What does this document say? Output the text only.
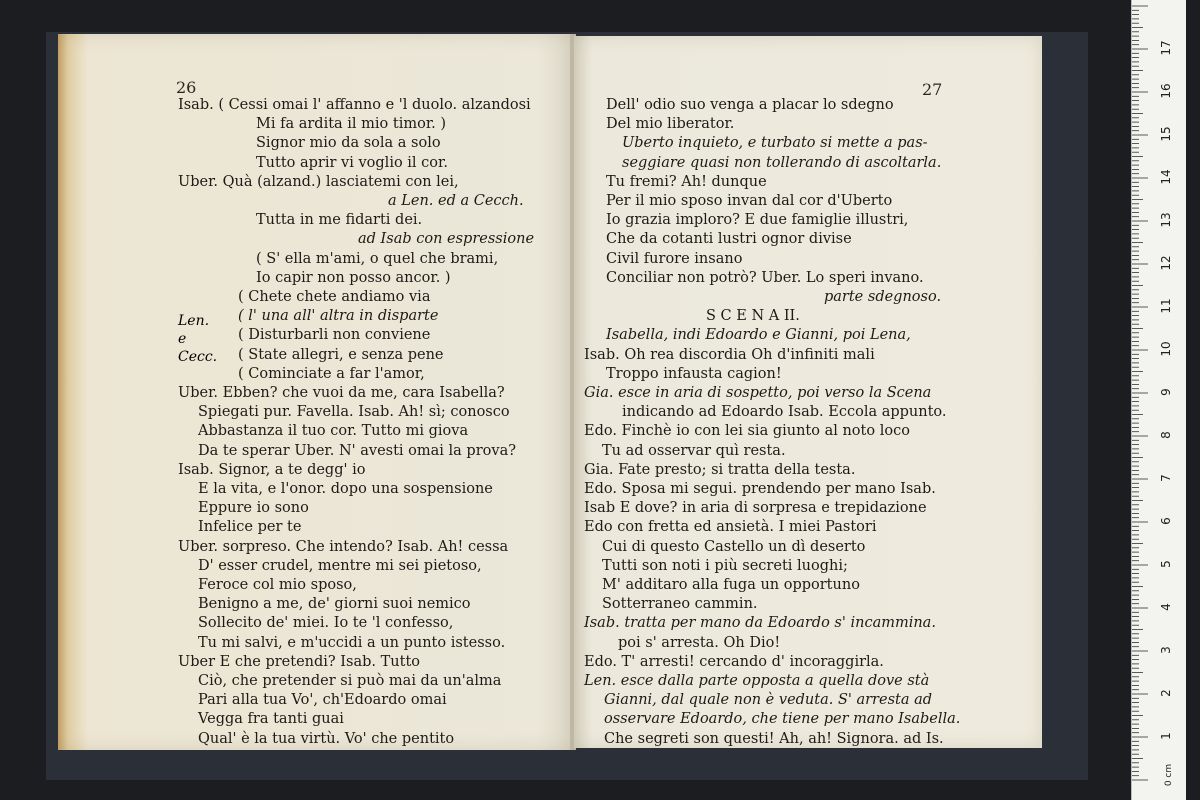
26
Isab. ( Cessi omai l' affanno e 'l duolo. alzandosi
Mi fa ardita il mio timor. )
Signor mio da sola a solo
Tutto aprir vi voglio il cor.
Uber. Quà (alzand.) lasciatemi con lei,
a Len. ed a Cecch.
Tutta in me fidarti dei.
ad Isab con espressione
( S' ella m'ami, o quel che brami,
Io capir non posso ancor. )
( Chete chete andiamo via
( l' una all' altra in disparte
( Disturbarli non conviene
( State allegri, e senza pene
( Cominciate a far l'amor,
Uber. Ebben? che vuoi da me, cara Isabella?
Spiegati pur. Favella. Isab. Ah! sì; conosco
Abbastanza il tuo cor. Tutto mi giova
Da te sperar Uber. N' avesti omai la prova?
Isab. Signor, a te degg' io
E la vita, e l'onor. dopo una sospensione
Eppure io sono
Infelice per te
Uber. sorpreso. Che intendo? Isab. Ah! cessa
D' esser crudel, mentre mi sei pietoso,
Feroce col mio sposo,
Benigno a me, de' giorni suoi nemico
Sollecito de' miei. Io te 'l confesso,
Tu mi salvi, e m'uccidi a un punto istesso.
Uber E che pretendi? Isab. Tutto
Ciò, che pretender si può mai da un'alma
Pari alla tua Vo', ch'Edoardo omai
Vegga fra tanti guai
Qual' è la tua virtù. Vo' che pentito
Len. e Cecc.
27
Dell' odio suo venga a placar lo sdegno
Del mio liberator.
Uberto inquieto, e turbato si mette a pas-
seggiare quasi non tollerando di ascoltarla.
Tu fremi? Ah! dunque
Per il mio sposo invan dal cor d'Uberto
Io grazia imploro? E due famiglie illustri,
Che da cotanti lustri ognor divise
Civil furore insano
Conciliar non potrò? Uber. Lo speri invano.
parte sdegnoso.
S C E N A II.
Isabella, indi Edoardo e Gianni, poi Lena,
Isab. Oh rea discordia Oh d'infiniti mali
Troppo infausta cagion!
Gia. esce in aria di sospetto, poi verso la Scena
indicando ad Edoardo Isab. Eccola appunto.
Edo. Finchè io con lei sia giunto al noto loco
Tu ad osservar quì resta.
Gia. Fate presto; si tratta della testa.
Edo. Sposa mi segui. prendendo per mano Isab.
Isab E dove? in aria di sorpresa e trepidazione
Edo con fretta ed ansietà. I miei Pastori
Cui di questo Castello un dì deserto
Tutti son noti i più secreti luoghi;
M' additaro alla fuga un opportuno
Sotterraneo cammin.
Isab. tratta per mano da Edoardo s' incammina.
poi s' arresta. Oh Dio!
Edo. T' arresti! cercando d' incoraggirla.
Len. esce dalla parte opposta a quella dove stà
Gianni, dal quale non è veduta. S' arresta ad
osservare Edoardo, che tiene per mano Isabella.
Che segreti son questi! Ah, ah! Signora. ad Is.	1
2
3
4
5
6
7
8
9
10
11
12
13
14
15
16
17
0 cm
